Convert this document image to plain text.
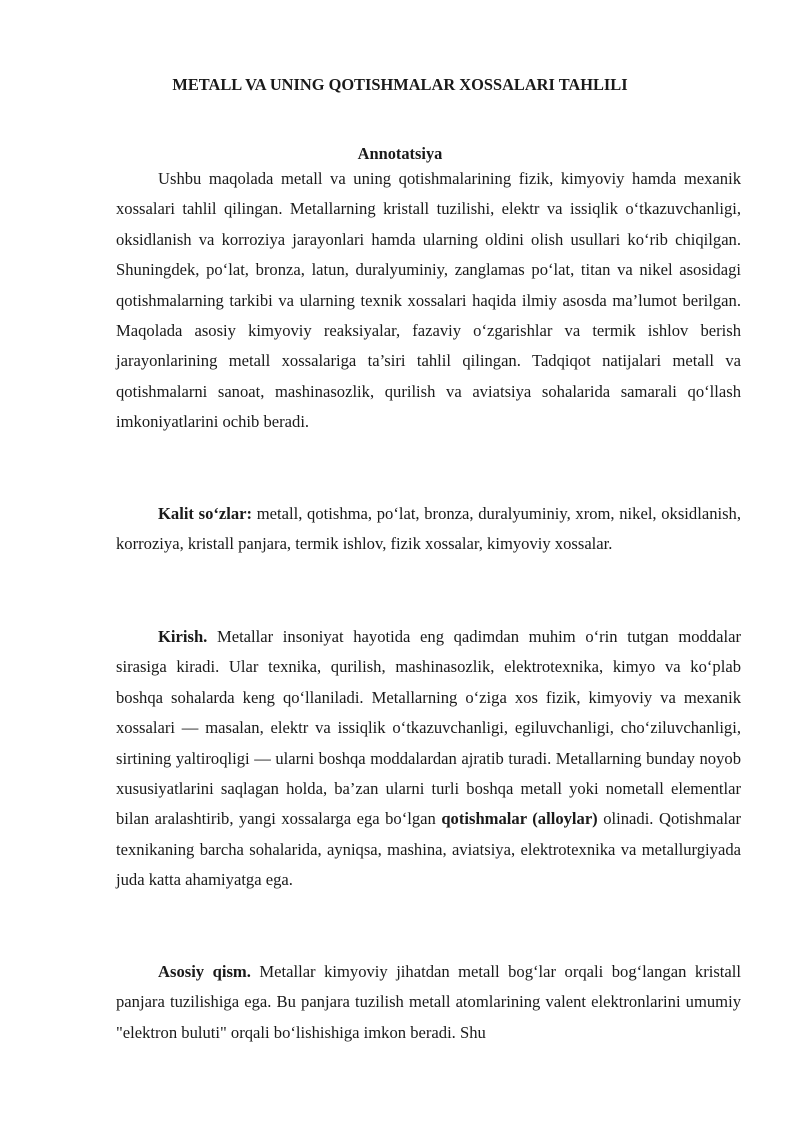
METALL VA UNING QOTISHMALAR XOSSALARI TAHLILI
Annotatsiya

Ushbu maqolada metall va uning qotishmalarining fizik, kimyoviy hamda mexanik xossalari tahlil qilingan. Metallarning kristall tuzilishi, elektr va issiqlik o‘tkazuvchanligi, oksidlanish va korroziya jarayonlari hamda ularning oldini olish usullari ko‘rib chiqilgan. Shuningdek, po‘lat, bronza, latun, duralyuminiy, zanglamas po‘lat, titan va nikel asosidagi qotishmalarning tarkibi va ularning texnik xossalari haqida ilmiy asosda ma’lumot berilgan. Maqolada asosiy kimyoviy reaksiyalar, fazaviy o‘zgarishlar va termik ishlov berish jarayonlarining metall xossalariga ta’siri tahlil qilingan. Tadqiqot natijalari metall va qotishmalarni sanoat, mashinasozlik, qurilish va aviatsiya sohalarida samarali qo‘llash imkoniyatlarini ochib beradi.

Kalit so‘zlar: metall, qotishma, po‘lat, bronza, duralyuminiy, xrom, nikel, oksidlanish, korroziya, kristall panjara, termik ishlov, fizik xossalar, kimyoviy xossalar.

Kirish. Metallar insoniyat hayotida eng qadimdan muhim o‘rin tutgan moddalar sirasiga kiradi. Ular texnika, qurilish, mashinasozlik, elektrotexnika, kimyo va ko‘plab boshqa sohalarda keng qo‘llaniladi. Metallarning o‘ziga xos fizik, kimyoviy va mexanik xossalari — masalan, elektr va issiqlik o‘tkazuvchanligi, egiluvchanligi, cho‘ziluvchanligi, sirtining yaltiroqligi — ularni boshqa moddalardan ajratib turadi. Metallarning bunday noyob xususiyatlarini saqlagan holda, ba’zan ularni turli boshqa metall yoki nometall elementlar bilan aralashtirib, yangi xossalarga ega bo‘lgan qotishmalar (alloylar) olinadi. Qotishmalar texnikaning barcha sohalarida, ayniqsa, mashina, aviatsiya, elektrotexnika va metallurgiyada juda katta ahamiyatga ega.

Asosiy qism. Metallar kimyoviy jihatdan metall bog‘lar orqali bog‘langan kristall panjara tuzilishiga ega. Bu panjara tuzilish metall atomlarining valent elektronlarini umumiy "elektron buluti" orqali bo‘lishishiga imkon beradi. Shu
